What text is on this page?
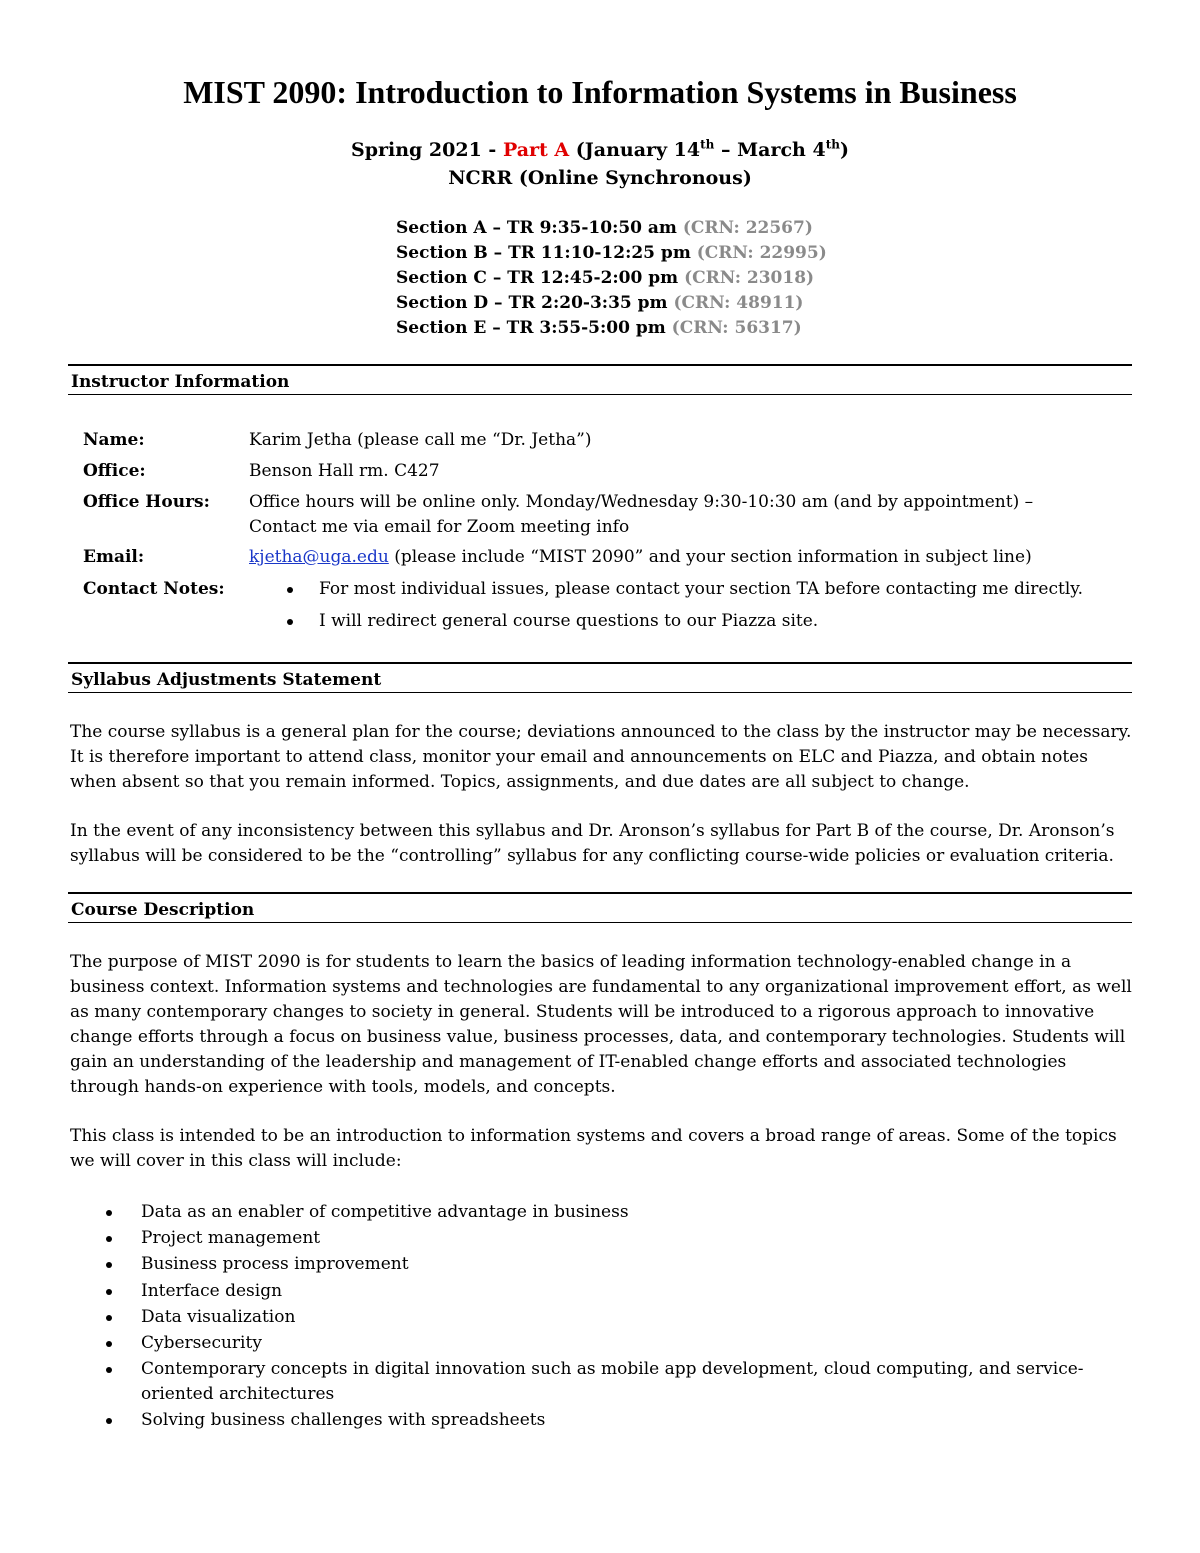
MIST 2090: Introduction to Information Systems in Business
Spring 2021 - Part A (January 14th – March 4th)
NCRR (Online Synchronous)
Section A – TR 9:35-10:50 am (CRN: 22567)
Section B – TR 11:10-12:25 pm (CRN: 22995)
Section C – TR 12:45-2:00 pm (CRN: 23018)
Section D – TR 2:20-3:35 pm (CRN: 48911)
Section E – TR 3:55-5:00 pm (CRN: 56317)
Instructor Information
Name:	Karim Jetha (please call me “Dr. Jetha”)
Office:	Benson Hall rm. C427
Office Hours: Office hours will be online only. Monday/Wednesday 9:30-10:30 am (and by appointment) –
Contact me via email for Zoom meeting info
Email:	kjetha@uga.edu (please include “MIST 2090” and your section information in subject line)
Contact Notes:	For most individual issues, please contact your section TA before contacting me directly.
I will redirect general course questions to our Piazza site.
Syllabus Adjustments Statement
The course syllabus is a general plan for the course; deviations announced to the class by the instructor may be necessary.
It is therefore important to attend class, monitor your email and announcements on ELC and Piazza, and obtain notes
when absent so that you remain informed. Topics, assignments, and due dates are all subject to change.
In the event of any inconsistency between this syllabus and Dr. Aronson’s syllabus for Part B of the course, Dr. Aronson’s
syllabus will be considered to be the “controlling” syllabus for any conflicting course-wide policies or evaluation criteria.
Course Description
The purpose of MIST 2090 is for students to learn the basics of leading information technology-enabled change in a
business context. Information systems and technologies are fundamental to any organizational improvement effort, as well
as many contemporary changes to society in general. Students will be introduced to a rigorous approach to innovative
change efforts through a focus on business value, business processes, data, and contemporary technologies. Students will
gain an understanding of the leadership and management of IT-enabled change efforts and associated technologies
through hands-on experience with tools, models, and concepts.
This class is intended to be an introduction to information systems and covers a broad range of areas. Some of the topics
we will cover in this class will include:
Data as an enabler of competitive advantage in business
Project management
Business process improvement
Interface design
Data visualization
Cybersecurity
Contemporary concepts in digital innovation such as mobile app development, cloud computing, and service-
oriented architectures
Solving business challenges with spreadsheets
